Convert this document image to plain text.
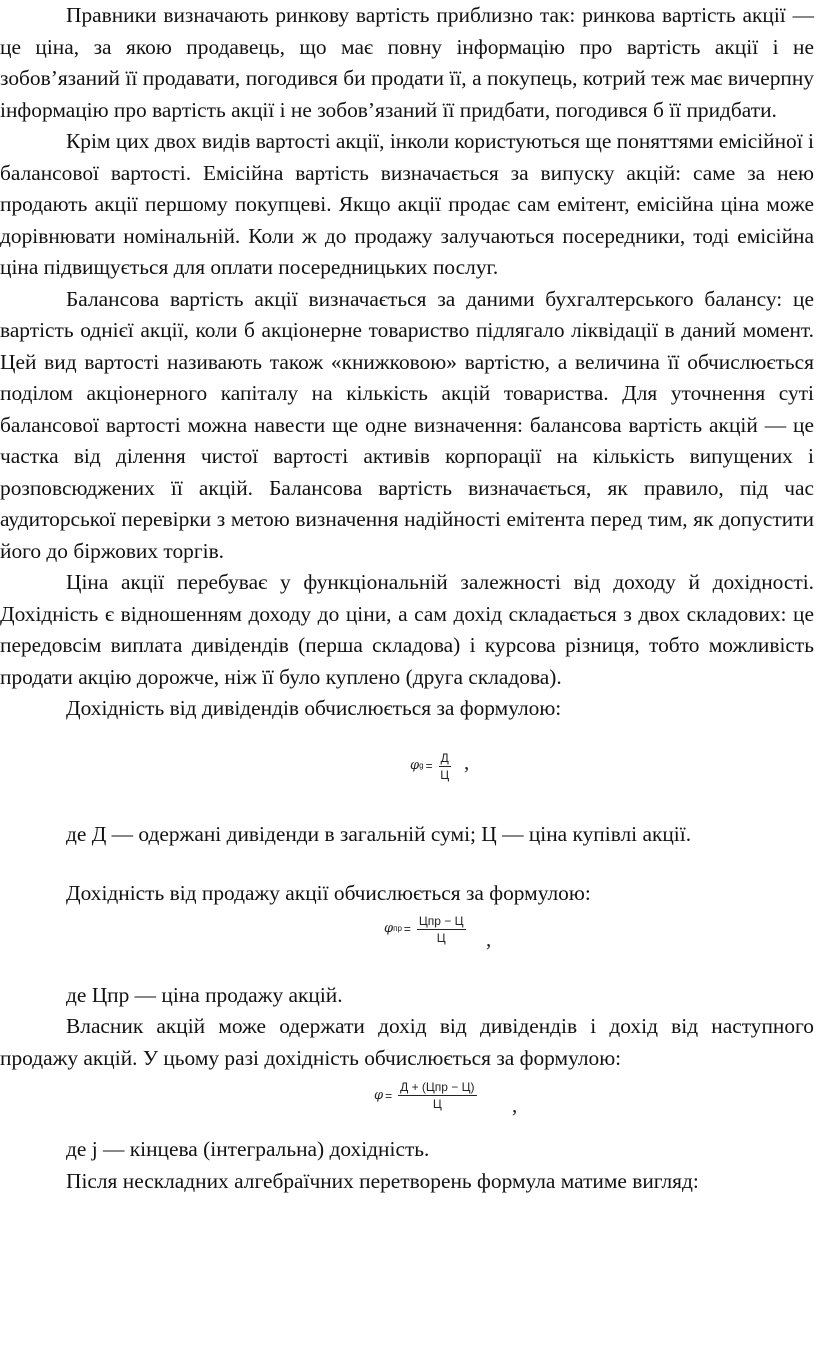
Правники визначають ринкову вартість приблизно так: ринкова вартість акції — це ціна, за якою продавець, що має повну інформацію про вартість акції і не зобов’язаний її продавати, погодився би продати її, а покупець, котрий теж має вичерпну інформацію про вартість акції і не зобов’язаний її придбати, погодився б її придбати.

Крім цих двох видів вартості акції, інколи користуються ще поняттями емісійної і балансової вартості. Емісійна вартість визначається за випуску акцій: саме за нею продають акції першому покупцеві. Якщо акції продає сам емітент, емісійна ціна може дорівнювати номінальній. Коли ж до продажу залучаються посередники, тоді емісійна ціна підвищується для оплати посередницьких послуг.

Балансова вартість акції визначається за даними бухгалтерського балансу: це вартість однієї акції, коли б акціонерне товариство підлягало ліквідації в даний момент. Цей вид вартості називають також «книжковою» вартістю, а величина її обчислюється поділом акціонерного капіталу на кількість акцій товариства. Для уточнення суті балансової вартості можна навести ще одне визначення: балансова вартість акцій — це частка від ділення чистої вартості активів корпорації на кількість випущених і розповсюджених її акцій. Балансова вартість визначається, як правило, під час аудиторської перевірки з метою визначення надійності емітента перед тим, як допустити його до біржових торгів.

Ціна акції перебуває у функціональній залежності від доходу й дохідності. Дохідність є відношенням доходу до ціни, а сам дохід складається з двох складових: це передовсім виплата дивідендів (перша складова) і курсова різниця, тобто можливість продати акцію дорожче, ніж її було куплено (друга складова).

Дохідність від дивідендів обчислюється за формулою:

φ $g = \frac{Д}{Ц}$ ,

де Д — одержані дивіденди в загальній сумі; Ц — ціна купівлі акції.

Дохідність від продажу акції обчислюється за формулою:

φ пр = $\frac{\text{Цпр − Ц}}{Ц}$ ,

де Цпр — ціна продажу акцій.

Власник акцій може одержати дохід від дивідендів і дохід від наступного продажу акцій. У цьому разі дохідність обчислюється за формулою:

$\varphi = \frac{\text{Д + (Цпр − Ц)}}{Ц}$ ,

де j — кінцева (інтегральна) дохідність.

Після нескладних алгебраїчних перетворень формула матиме вигляд:
